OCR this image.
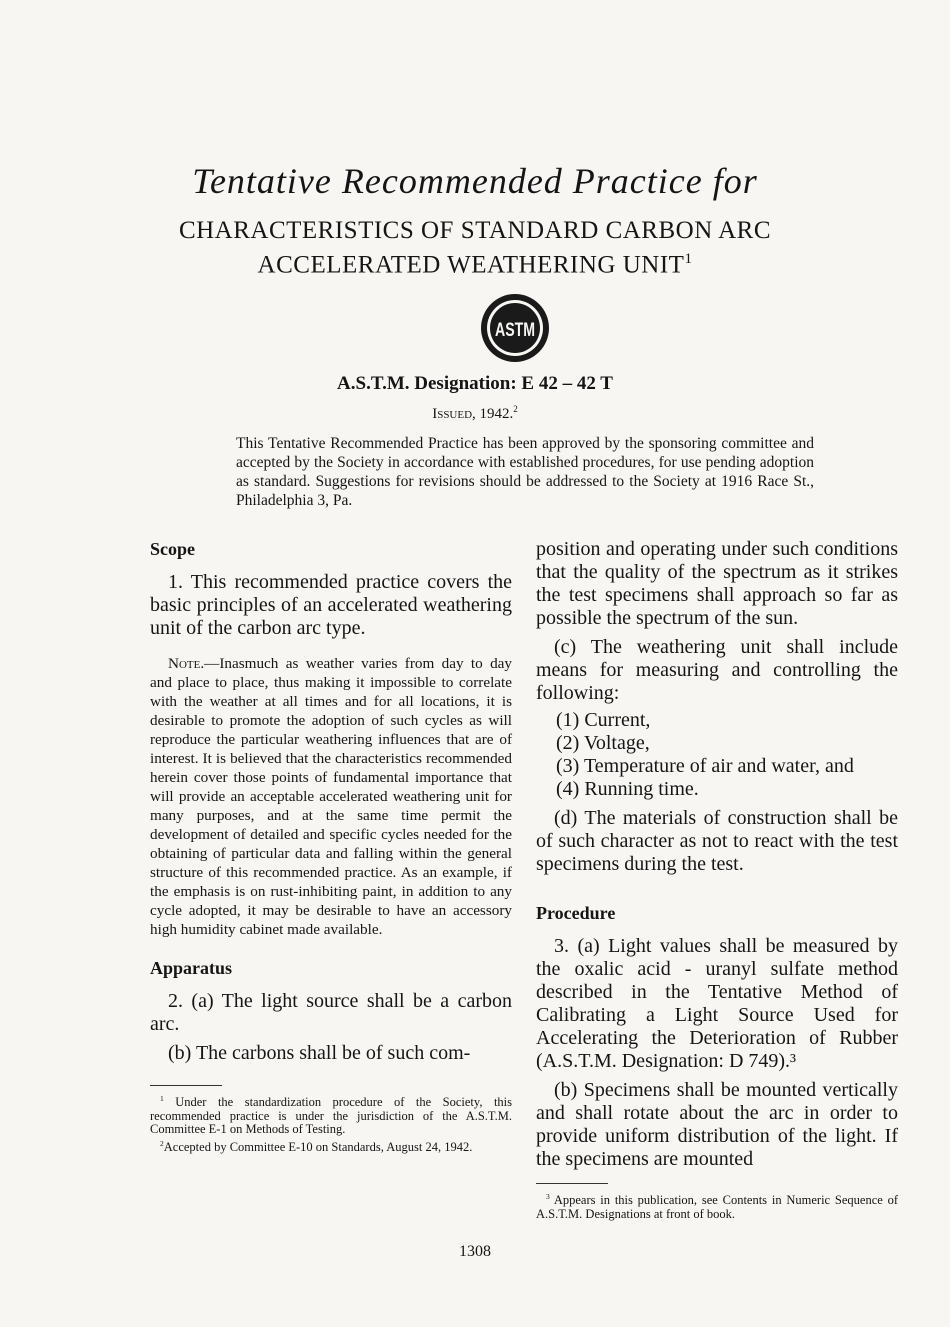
Tentative Recommended Practice for
CHARACTERISTICS OF STANDARD CARBON ARC
ACCELERATED WEATHERING UNIT$^1$
ASTM
A.S.T.M. Designation: E 42 – 42 T
Issued, 1942.$^2$
This Tentative Recommended Practice has been approved by the sponsoring committee and accepted by the Society in accordance with established procedures, for use pending adoption as standard. Suggestions for revisions should be addressed to the Society at 1916 Race St., Philadelphia 3, Pa.
Scope

1. This recommended practice covers the basic principles of an accelerated weathering unit of the carbon arc type.

Note.—Inasmuch as weather varies from day to day and place to place, thus making it impossible to correlate with the weather at all times and for all locations, it is desirable to promote the adoption of such cycles as will reproduce the particular weathering influences that are of interest. It is believed that the characteristics recommended herein cover those points of fundamental importance that will provide an acceptable accelerated weathering unit for many purposes, and at the same time permit the development of detailed and specific cycles needed for the obtaining of particular data and falling within the general structure of this recommended practice. As an example, if the emphasis is on rust-inhibiting paint, in addition to any cycle adopted, it may be desirable to have an accessory high humidity cabinet made available.

Apparatus

2. (a) The light source shall be a carbon arc.

(b) The carbons shall be of such com-

$^1$ Under the standardization procedure of the Society, this recommended practice is under the jurisdiction of the A.S.T.M. Committee E-1 on Methods of Testing.

$^2$Accepted by Committee E-10 on Standards, August 24, 1942.

position and operating under such conditions that the quality of the spectrum as it strikes the test specimens shall approach so far as possible the spectrum of the sun.

(c) The weathering unit shall include means for measuring and controlling the following:

(1) Current,
(2) Voltage,
(3) Temperature of air and water, and
(4) Running time.

(d) The materials of construction shall be of such character as not to react with the test specimens during the test.

Procedure

3. (a) Light values shall be measured by the oxalic acid - uranyl sulfate method described in the Tentative Method of Calibrating a Light Source Used for Accelerating the Deterioration of Rubber (A.S.T.M. Designation: D 749).³

(b) Specimens shall be mounted vertically and shall rotate about the arc in order to provide uniform distribution of the light. If the specimens are mounted

$^3$ Appears in this publication, see Contents in Numeric Sequence of A.S.T.M. Designations at front of book.

1308
